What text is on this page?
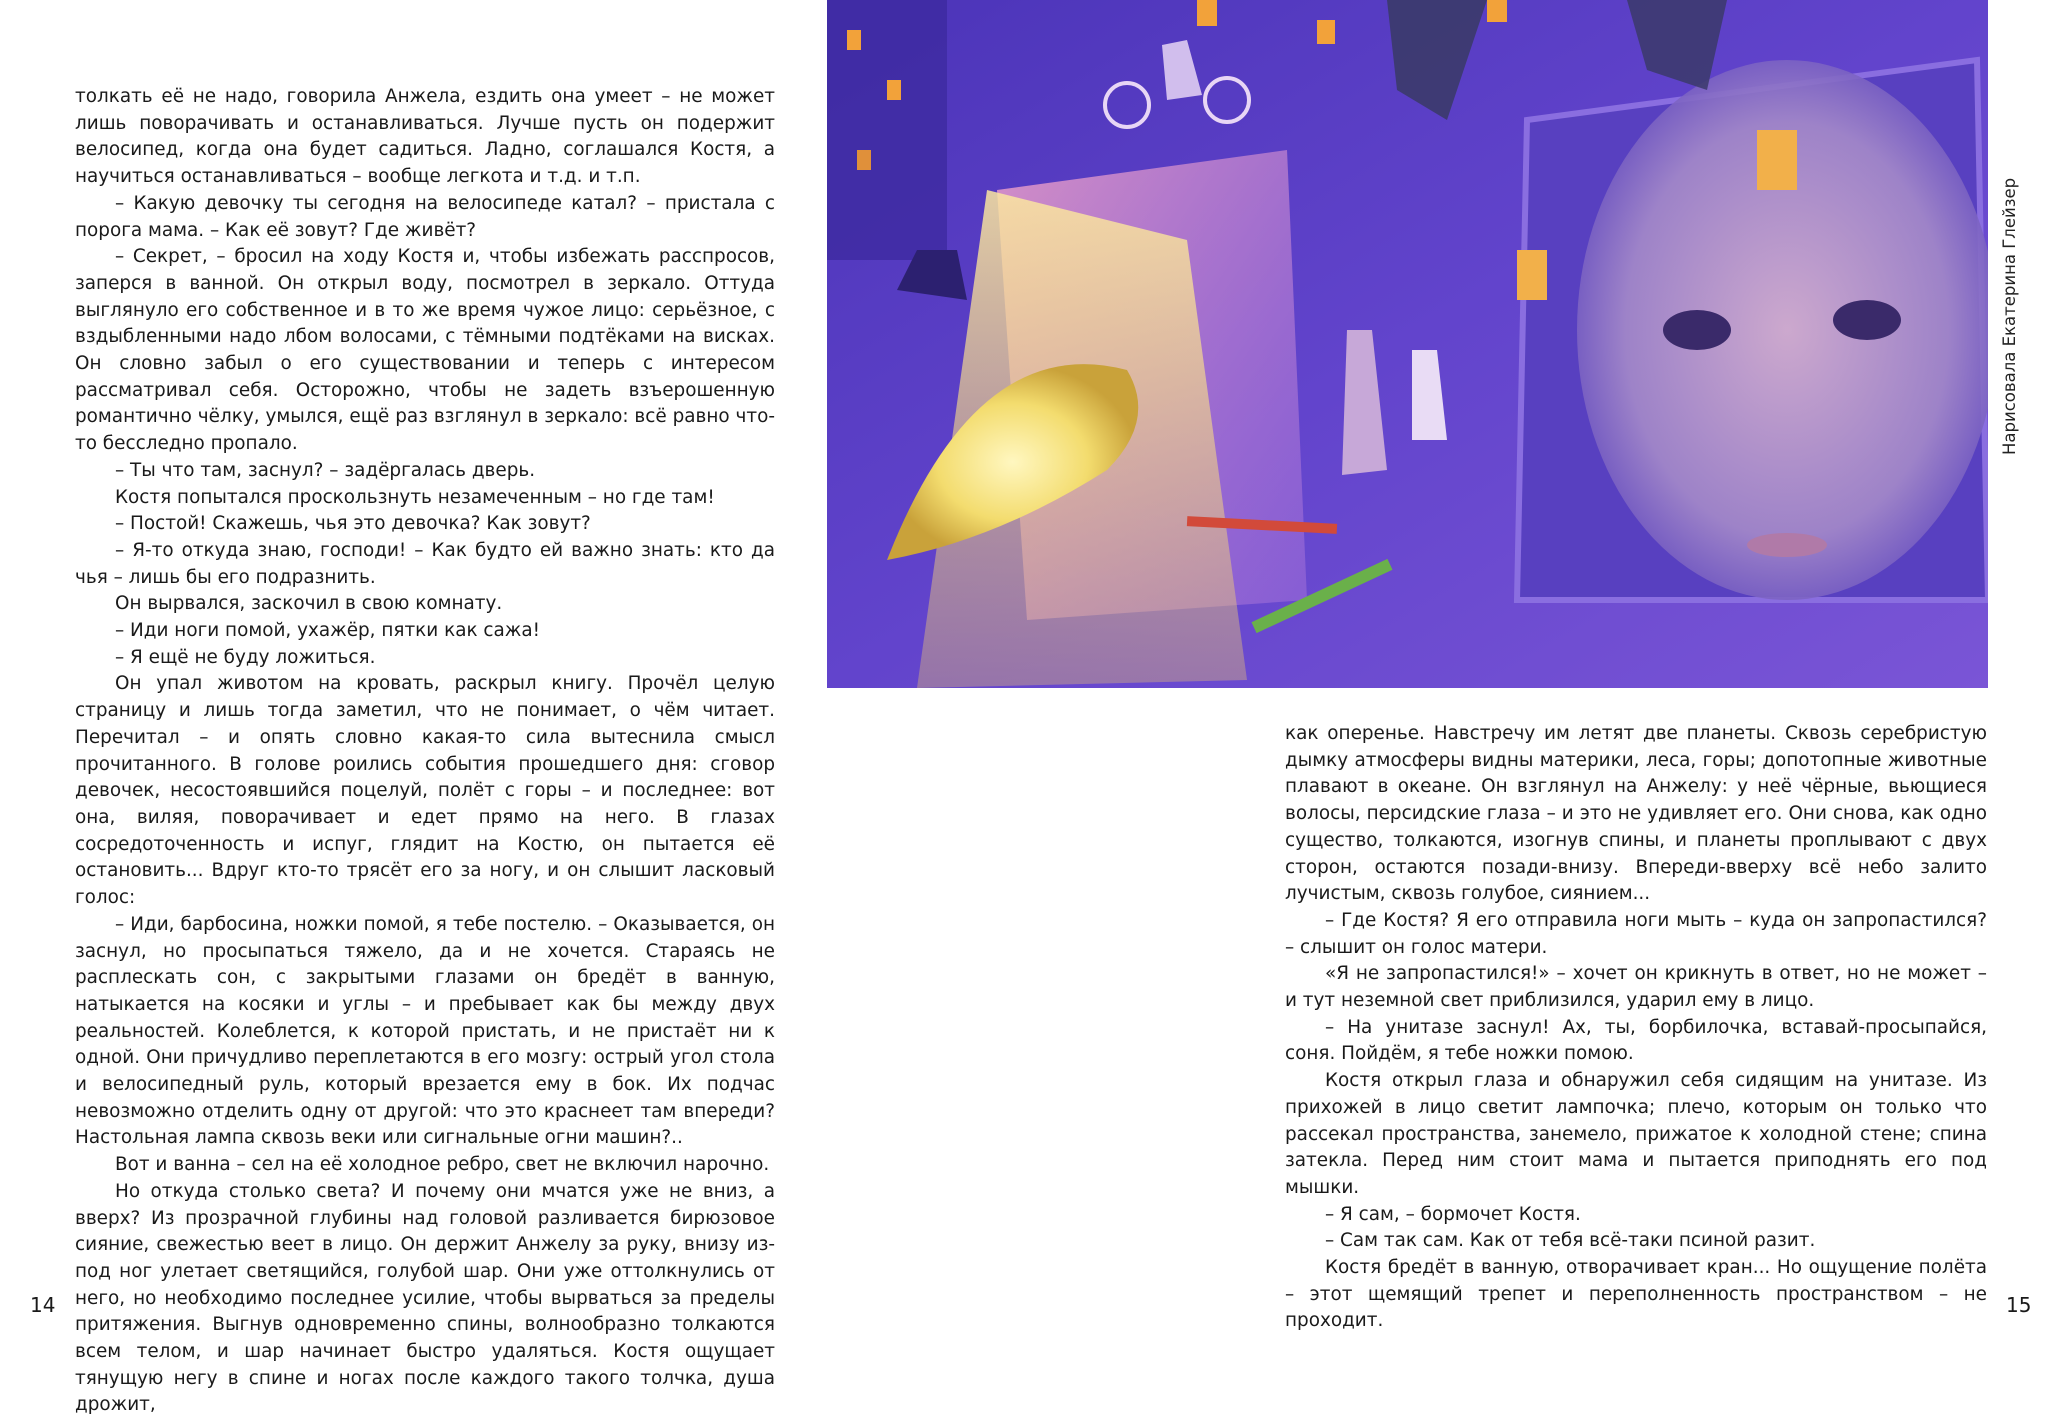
толкать её не надо, говорила Анжела, ездить она умеет – не может лишь поворачивать и останавливаться. Лучше пусть он подержит велосипед, когда она будет садиться. Ладно, соглашался Костя, а научиться останавливаться – вообще легкота и т.д. и т.п.

– Какую девочку ты сегодня на велосипеде катал? – пристала с порога мама. – Как её зовут? Где живёт?

– Секрет, – бросил на ходу Костя и, чтобы избежать расспросов, заперся в ванной. Он открыл воду, посмотрел в зеркало. Оттуда выглянуло его собственное и в то же время чужое лицо: серьёзное, с вздыбленными надо лбом волосами, с тёмными подтёками на висках. Он словно забыл о его существовании и теперь с интересом рассматривал себя. Осторожно, чтобы не задеть взъерошенную романтично чёлку, умылся, ещё раз взглянул в зеркало: всё равно что-то бесследно пропало.

– Ты что там, заснул? – задёргалась дверь.

Костя попытался проскользнуть незамеченным – но где там!

– Постой! Скажешь, чья это девочка? Как зовут?

– Я-то откуда знаю, господи! – Как будто ей важно знать: кто да чья – лишь бы его подразнить.

Он вырвался, заскочил в свою комнату.

– Иди ноги помой, ухажёр, пятки как сажа!

– Я ещё не буду ложиться.

Он упал животом на кровать, раскрыл книгу. Прочёл целую страницу и лишь тогда заметил, что не понимает, о чём читает. Перечитал – и опять словно какая-то сила вытеснила смысл прочитанного. В голове роились события прошедшего дня: сговор девочек, несостоявшийся поцелуй, полёт с горы – и последнее: вот она, виляя, поворачивает и едет прямо на него. В глазах сосредоточенность и испуг, глядит на Костю, он пытается её остановить... Вдруг кто-то трясёт его за ногу, и он слышит ласковый голос:

– Иди, барбосина, ножки помой, я тебе постелю. – Оказывается, он заснул, но просыпаться тяжело, да и не хочется. Стараясь не расплескать сон, с закрытыми глазами он бредёт в ванную, натыкается на косяки и углы – и пребывает как бы между двух реальностей. Колеблется, к которой пристать, и не пристаёт ни к одной. Они причудливо переплетаются в его мозгу: острый угол стола и велосипедный руль, который врезается ему в бок. Их подчас невозможно отделить одну от другой: что это краснеет там впереди? Настольная лампа сквозь веки или сигнальные огни машин?..

Вот и ванна – сел на её холодное ребро, свет не включил нарочно.

Но откуда столько света? И почему они мчатся уже не вниз, а вверх? Из прозрачной глубины над головой разливается бирюзовое сияние, свежестью веет в лицо. Он держит Анжелу за руку, внизу из-под ног улетает светящийся, голубой шар. Они уже оттолкнулись от него, но необходимо последнее усилие, чтобы вырваться за пределы притяжения. Выгнув одновременно спины, волнообразно толкаются всем телом, и шар начинает быстро удаляться. Костя ощущает тянущую негу в спине и ногах после каждого такого толчка, душа дрожит,

как оперенье. Навстречу им летят две планеты. Сквозь серебристую дымку атмосферы видны материки, леса, горы; допотопные животные плавают в океане. Он взглянул на Анжелу: у неё чёрные, вьющиеся волосы, персидские глаза – и это не удивляет его. Они снова, как одно существо, толкаются, изогнув спины, и планеты проплывают с двух сторон, остаются позади-внизу. Впереди-вверху всё небо залито лучистым, сквозь голубое, сиянием...

– Где Костя? Я его отправила ноги мыть – куда он запропастился? – слышит он голос матери.

«Я не запропастился!» – хочет он крикнуть в ответ, но не может – и тут неземной свет приблизился, ударил ему в лицо.

– На унитазе заснул! Ах, ты, борбилочка, вставай-просыпайся, соня. Пойдём, я тебе ножки помою.

Костя открыл глаза и обнаружил себя сидящим на унитазе. Из прихожей в лицо светит лампочка; плечо, которым он только что рассекал пространства, занемело, прижатое к холодной стене; спина затекла. Перед ним стоит мама и пытается приподнять его под мышки.

– Я сам, – бормочет Костя.

– Сам так сам. Как от тебя всё-таки псиной разит.

Костя бредёт в ванную, отворачивает кран... Но ощущение полёта – этот щемящий трепет и переполненность пространством – не проходит.

Нарисовала Екатерина Глейзер
14	15
